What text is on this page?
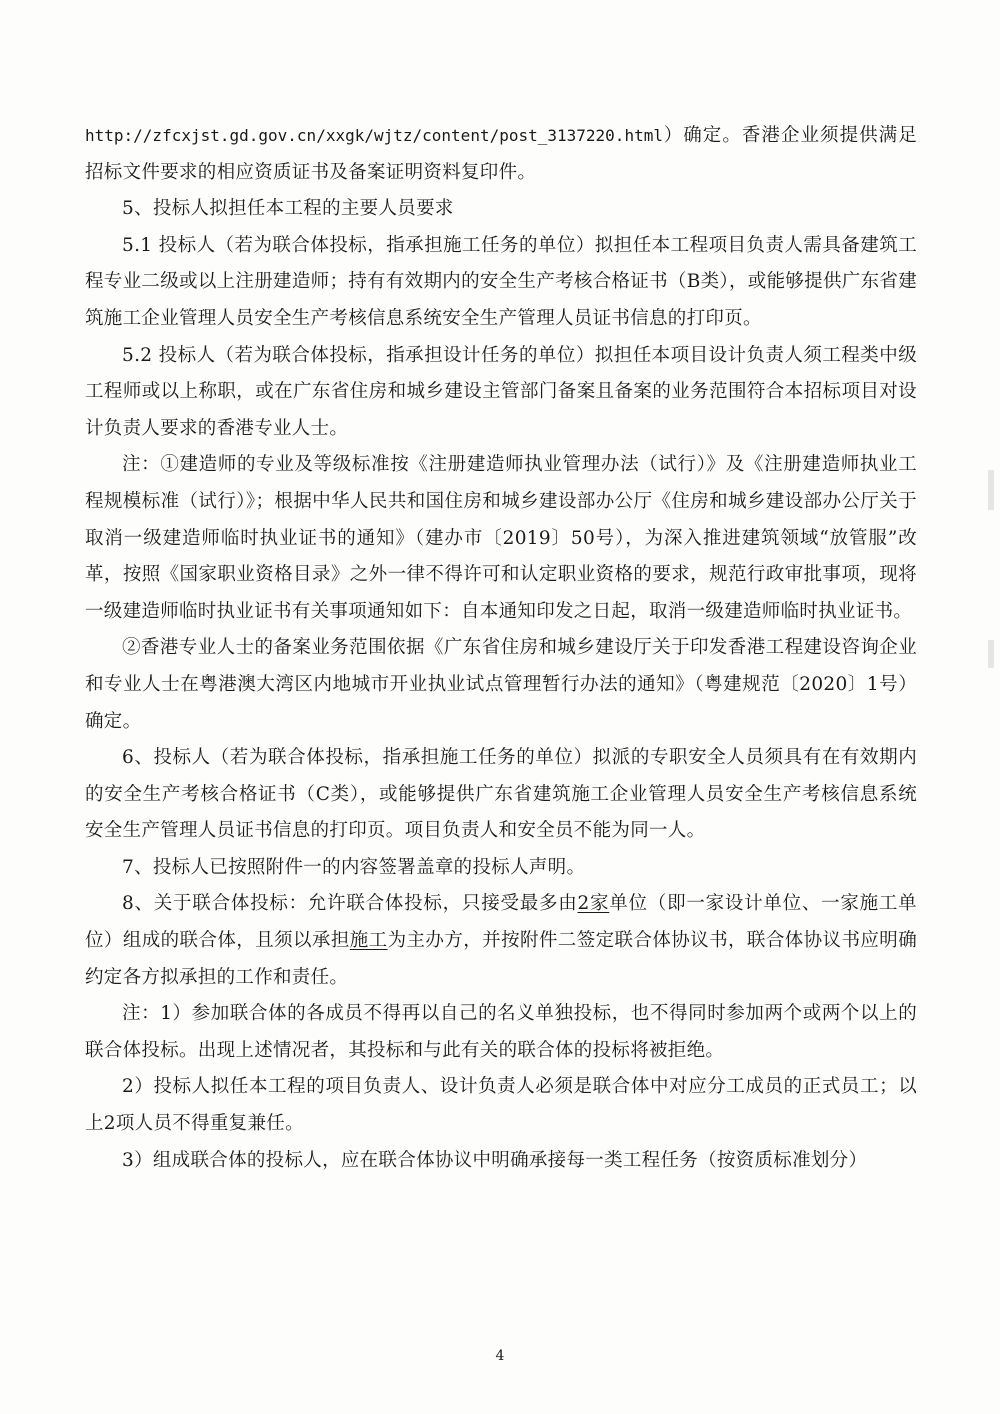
http://zfcxjst.gd.gov.cn/xxgk/wjtz/content/post_3137220.html）确定。香港企业须提供满足招标文件要求的相应资质证书及备案证明资料复印件。

5、投标人拟担任本工程的主要人员要求

5.1 投标人（若为联合体投标，指承担施工任务的单位）拟担任本工程项目负责人需具备建筑工程专业二级或以上注册建造师；持有有效期内的安全生产考核合格证书（B类），或能够提供广东省建筑施工企业管理人员安全生产考核信息系统安全生产管理人员证书信息的打印页。

5.2 投标人（若为联合体投标，指承担设计任务的单位）拟担任本项目设计负责人须工程类中级工程师或以上称职，或在广东省住房和城乡建设主管部门备案且备案的业务范围符合本招标项目对设计负责人要求的香港专业人士。

注：①建造师的专业及等级标准按《注册建造师执业管理办法（试行）》及《注册建造师执业工程规模标准（试行）》；根据中华人民共和国住房和城乡建设部办公厅《住房和城乡建设部办公厅关于取消一级建造师临时执业证书的通知》（建办市〔2019〕50号），为深入推进建筑领域“放管服”改革，按照《国家职业资格目录》之外一律不得许可和认定职业资格的要求，规范行政审批事项，现将一级建造师临时执业证书有关事项通知如下：自本通知印发之日起，取消一级建造师临时执业证书。

②香港专业人士的备案业务范围依据《广东省住房和城乡建设厅关于印发香港工程建设咨询企业和专业人士在粤港澳大湾区内地城市开业执业试点管理暂行办法的通知》（粤建规范〔2020〕1号）确定。

6、投标人（若为联合体投标，指承担施工任务的单位）拟派的专职安全人员须具有在有效期内的安全生产考核合格证书（C类），或能够提供广东省建筑施工企业管理人员安全生产考核信息系统安全生产管理人员证书信息的打印页。项目负责人和安全员不能为同一人。

7、投标人已按照附件一的内容签署盖章的投标人声明。

8、关于联合体投标：允许联合体投标，只接受最多由2家单位（即一家设计单位、一家施工单位）组成的联合体，且须以承担施工为主办方，并按附件二签定联合体协议书，联合体协议书应明确约定各方拟承担的工作和责任。

注：1）参加联合体的各成员不得再以自己的名义单独投标，也不得同时参加两个或两个以上的联合体投标。出现上述情况者，其投标和与此有关的联合体的投标将被拒绝。

2）投标人拟任本工程的项目负责人、设计负责人必须是联合体中对应分工成员的正式员工；以上2项人员不得重复兼任。

3）组成联合体的投标人，应在联合体协议中明确承接每一类工程任务（按资质标准划分）

4
